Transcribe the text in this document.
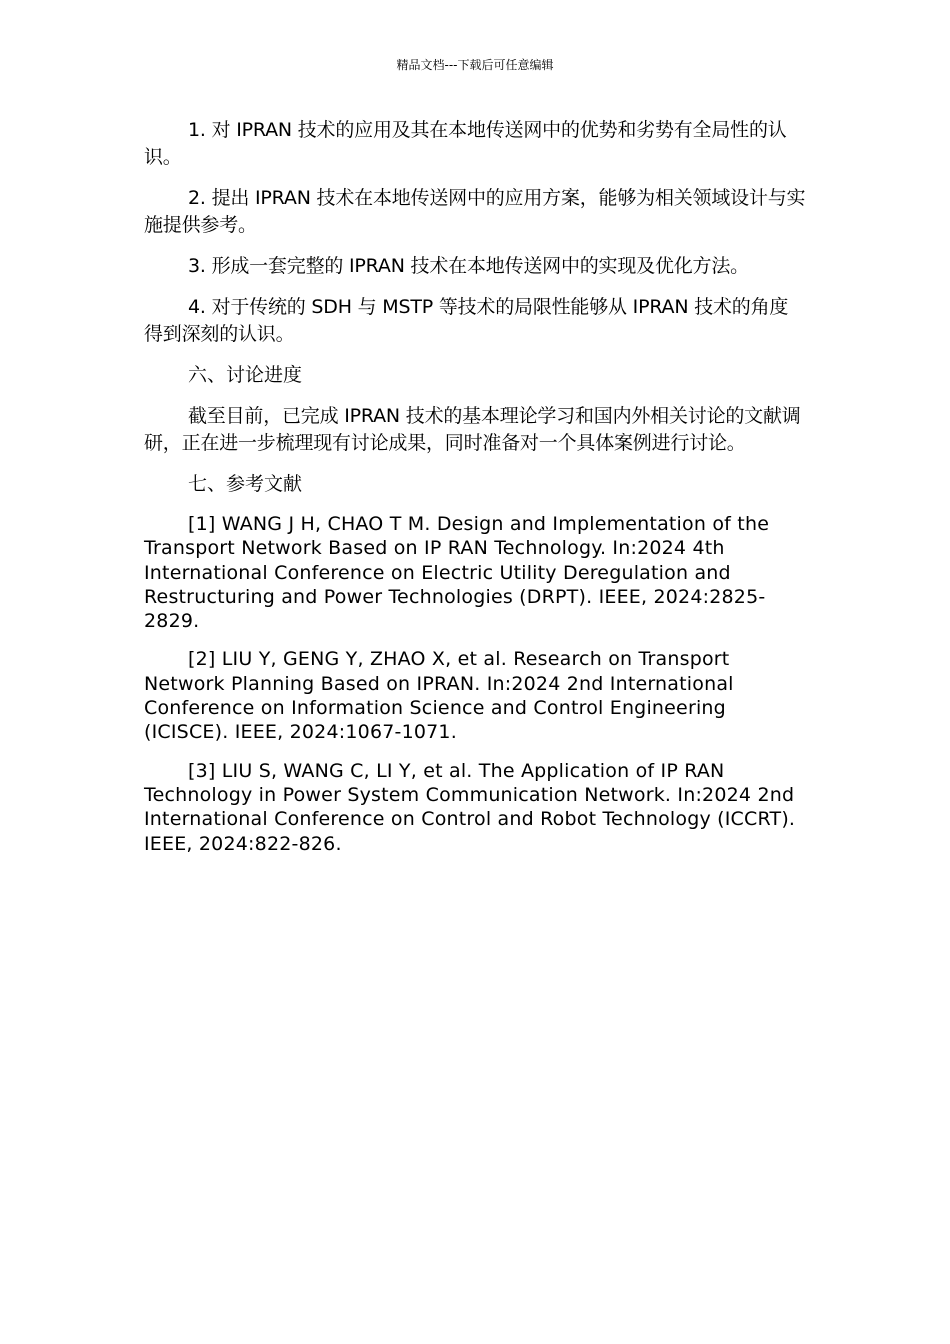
精品文档---下载后可任意编辑

1. 对 IPRAN 技术的应用及其在本地传送网中的优势和劣势有全局性的认识。

2. 提出 IPRAN 技术在本地传送网中的应用方案，能够为相关领域设计与实施提供参考。

3. 形成一套完整的 IPRAN 技术在本地传送网中的实现及优化方法。

4. 对于传统的 SDH 与 MSTP 等技术的局限性能够从 IPRAN 技术的角度得到深刻的认识。

六、讨论进度

截至目前，已完成 IPRAN 技术的基本理论学习和国内外相关讨论的文献调研，正在进一步梳理现有讨论成果，同时准备对一个具体案例进行讨论。

七、参考文献

[1] WANG J H, CHAO T M. Design and Implementation of the Transport Network Based on IP RAN Technology. In:2024 4th International Conference on Electric Utility Deregulation and Restructuring and Power Technologies (DRPT). IEEE, 2024:2825-2829.

[2] LIU Y, GENG Y, ZHAO X, et al. Research on Transport Network Planning Based on IPRAN. In:2024 2nd International Conference on Information Science and Control Engineering (ICISCE). IEEE, 2024:1067-1071.

[3] LIU S, WANG C, LI Y, et al. The Application of IP RAN Technology in Power System Communication Network. In:2024 2nd International Conference on Control and Robot Technology (ICCRT). IEEE, 2024:822-826.
